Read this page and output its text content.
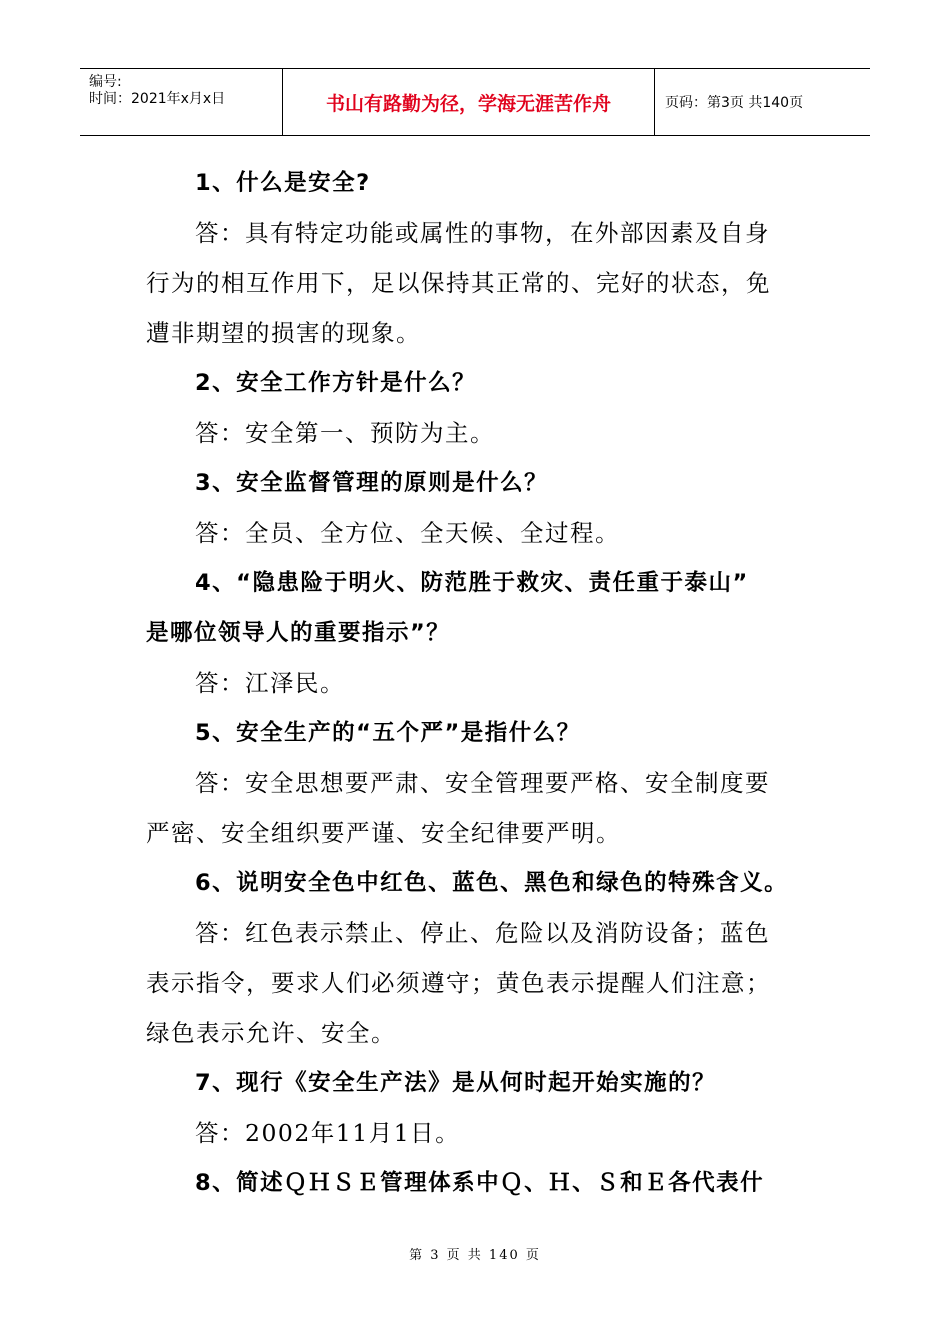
编号:
时间：2021年x月x日	书山有路勤为径，学海无涯苦作舟	页码：第3页 共140页
1、什么是安全?
答：具有特定功能或属性的事物，在外部因素及自身
行为的相互作用下，足以保持其正常的、完好的状态，免
遭非期望的损害的现象。
2、安全工作方针是什么？
答：安全第一、预防为主。
3、安全监督管理的原则是什么？
答：全员、全方位、全天候、全过程。
4、“隐患险于明火、防范胜于救灾、责任重于泰山”
是哪位领导人的重要指示”？
答：江泽民。
5、安全生产的“五个严”是指什么？
答：安全思想要严肃、安全管理要严格、安全制度要
严密、安全组织要严谨、安全纪律要严明。
6、说明安全色中红色、蓝色、黑色和绿色的特殊含义。
答：红色表示禁止、停止、危险以及消防设备；蓝色
表示指令，要求人们必须遵守；黄色表示提醒人们注意；
绿色表示允许、安全。
7、现行《安全生产法》是从何时起开始实施的？
答：2002年11月1日。
8、简述ＱＨＳＥ管理体系中Ｑ、Ｈ、Ｓ和Ｅ各代表什
第 3 页 共 140 页
